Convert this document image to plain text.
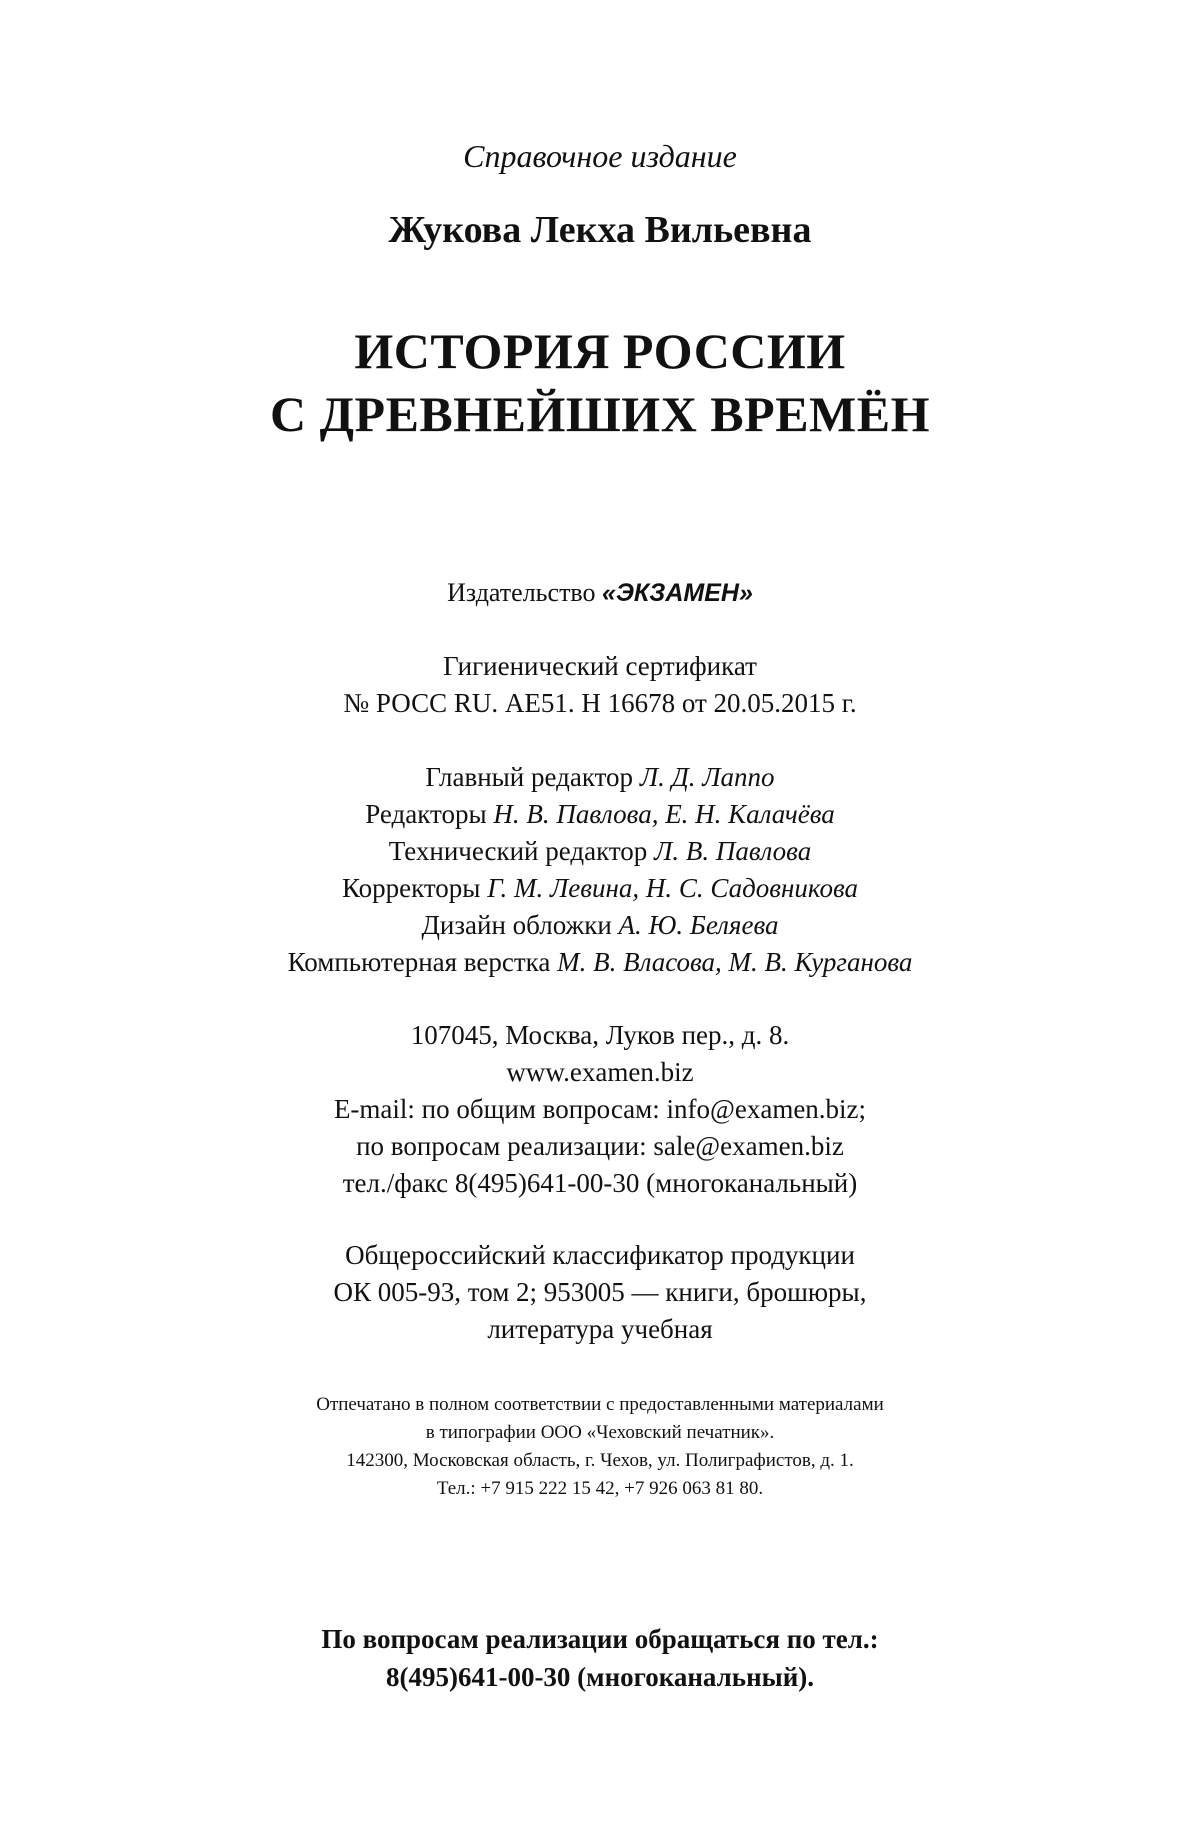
Справочное издание

Жукова Лекха Вильевна

ИСТОРИЯ РОССИИ

С ДРЕВНЕЙШИХ ВРЕМЁН

Издательство «ЭКЗАМЕН»

Гигиенический сертификат

№ РОСС RU. АЕ51. Н 16678 от 20.05.2015 г.

Главный редактор Л. Д. Лаппо

Редакторы Н. В. Павлова, Е. Н. Калачёва

Технический редактор Л. В. Павлова

Корректоры Г. М. Левина, Н. С. Садовникова

Дизайн обложки А. Ю. Беляева

Компьютерная верстка М. В. Власова, М. В. Курганова

107045, Москва, Луков пер., д. 8.

www.examen.biz

E-mail: по общим вопросам: info@examen.biz;

по вопросам реализации: sale@examen.biz

тел./факс 8(495)641-00-30 (многоканальный)

Общероссийский классификатор продукции

ОК 005-93, том 2; 953005 — книги, брошюры,

литература учебная

Отпечатано в полном соответствии с предоставленными материалами

в типографии ООО «Чеховский печатник».

142300, Московская область, г. Чехов, ул. Полиграфистов, д. 1.

Тел.: +7 915 222 15 42, +7 926 063 81 80.

По вопросам реализации обращаться по тел.:

8(495)641-00-30 (многоканальный).
